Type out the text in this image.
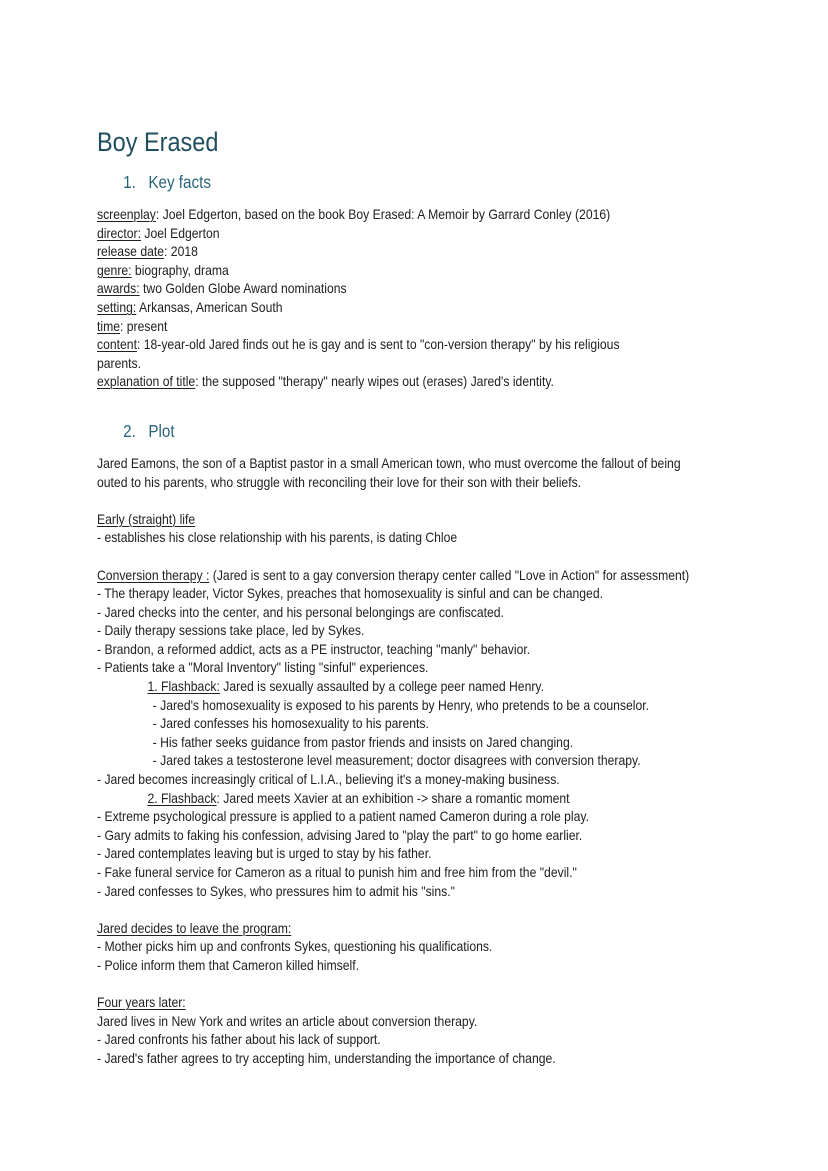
Boy Erased
1. Key facts
screenplay: Joel Edgerton, based on the book Boy Erased: A Memoir by Garrard Conley (2016)
director: Joel Edgerton
release date: 2018
genre: biography, drama
awards: two Golden Globe Award nominations
setting: Arkansas, American South
time: present
content: 18-year-old Jared finds out he is gay and is sent to "con-version therapy" by his religious
parents.
explanation of title: the supposed "therapy" nearly wipes out (erases) Jared's identity.
2. Plot
Jared Eamons, the son of a Baptist pastor in a small American town, who must overcome the fallout of being
outed to his parents, who struggle with reconciling their love for their son with their beliefs.

Early (straight) life
- establishes his close relationship with his parents, is dating Chloe

Conversion therapy : (Jared is sent to a gay conversion therapy center called "Love in Action" for assessment)
- The therapy leader, Victor Sykes, preaches that homosexuality is sinful and can be changed.
- Jared checks into the center, and his personal belongings are confiscated.
- Daily therapy sessions take place, led by Sykes.
- Brandon, a reformed addict, acts as a PE instructor, teaching "manly" behavior.
- Patients take a "Moral Inventory" listing "sinful" experiences.
1. Flashback: Jared is sexually assaulted by a college peer named Henry.
- Jared's homosexuality is exposed to his parents by Henry, who pretends to be a counselor.
- Jared confesses his homosexuality to his parents.
- His father seeks guidance from pastor friends and insists on Jared changing.
- Jared takes a testosterone level measurement; doctor disagrees with conversion therapy.
- Jared becomes increasingly critical of L.I.A., believing it's a money-making business.
2. Flashback: Jared meets Xavier at an exhibition -> share a romantic moment
- Extreme psychological pressure is applied to a patient named Cameron during a role play.
- Gary admits to faking his confession, advising Jared to "play the part" to go home earlier.
- Jared contemplates leaving but is urged to stay by his father.
- Fake funeral service for Cameron as a ritual to punish him and free him from the "devil."
- Jared confesses to Sykes, who pressures him to admit his "sins."

Jared decides to leave the program:
- Mother picks him up and confronts Sykes, questioning his qualifications.
- Police inform them that Cameron killed himself.

Four years later:
Jared lives in New York and writes an article about conversion therapy.
- Jared confronts his father about his lack of support.
- Jared's father agrees to try accepting him, understanding the importance of change.
